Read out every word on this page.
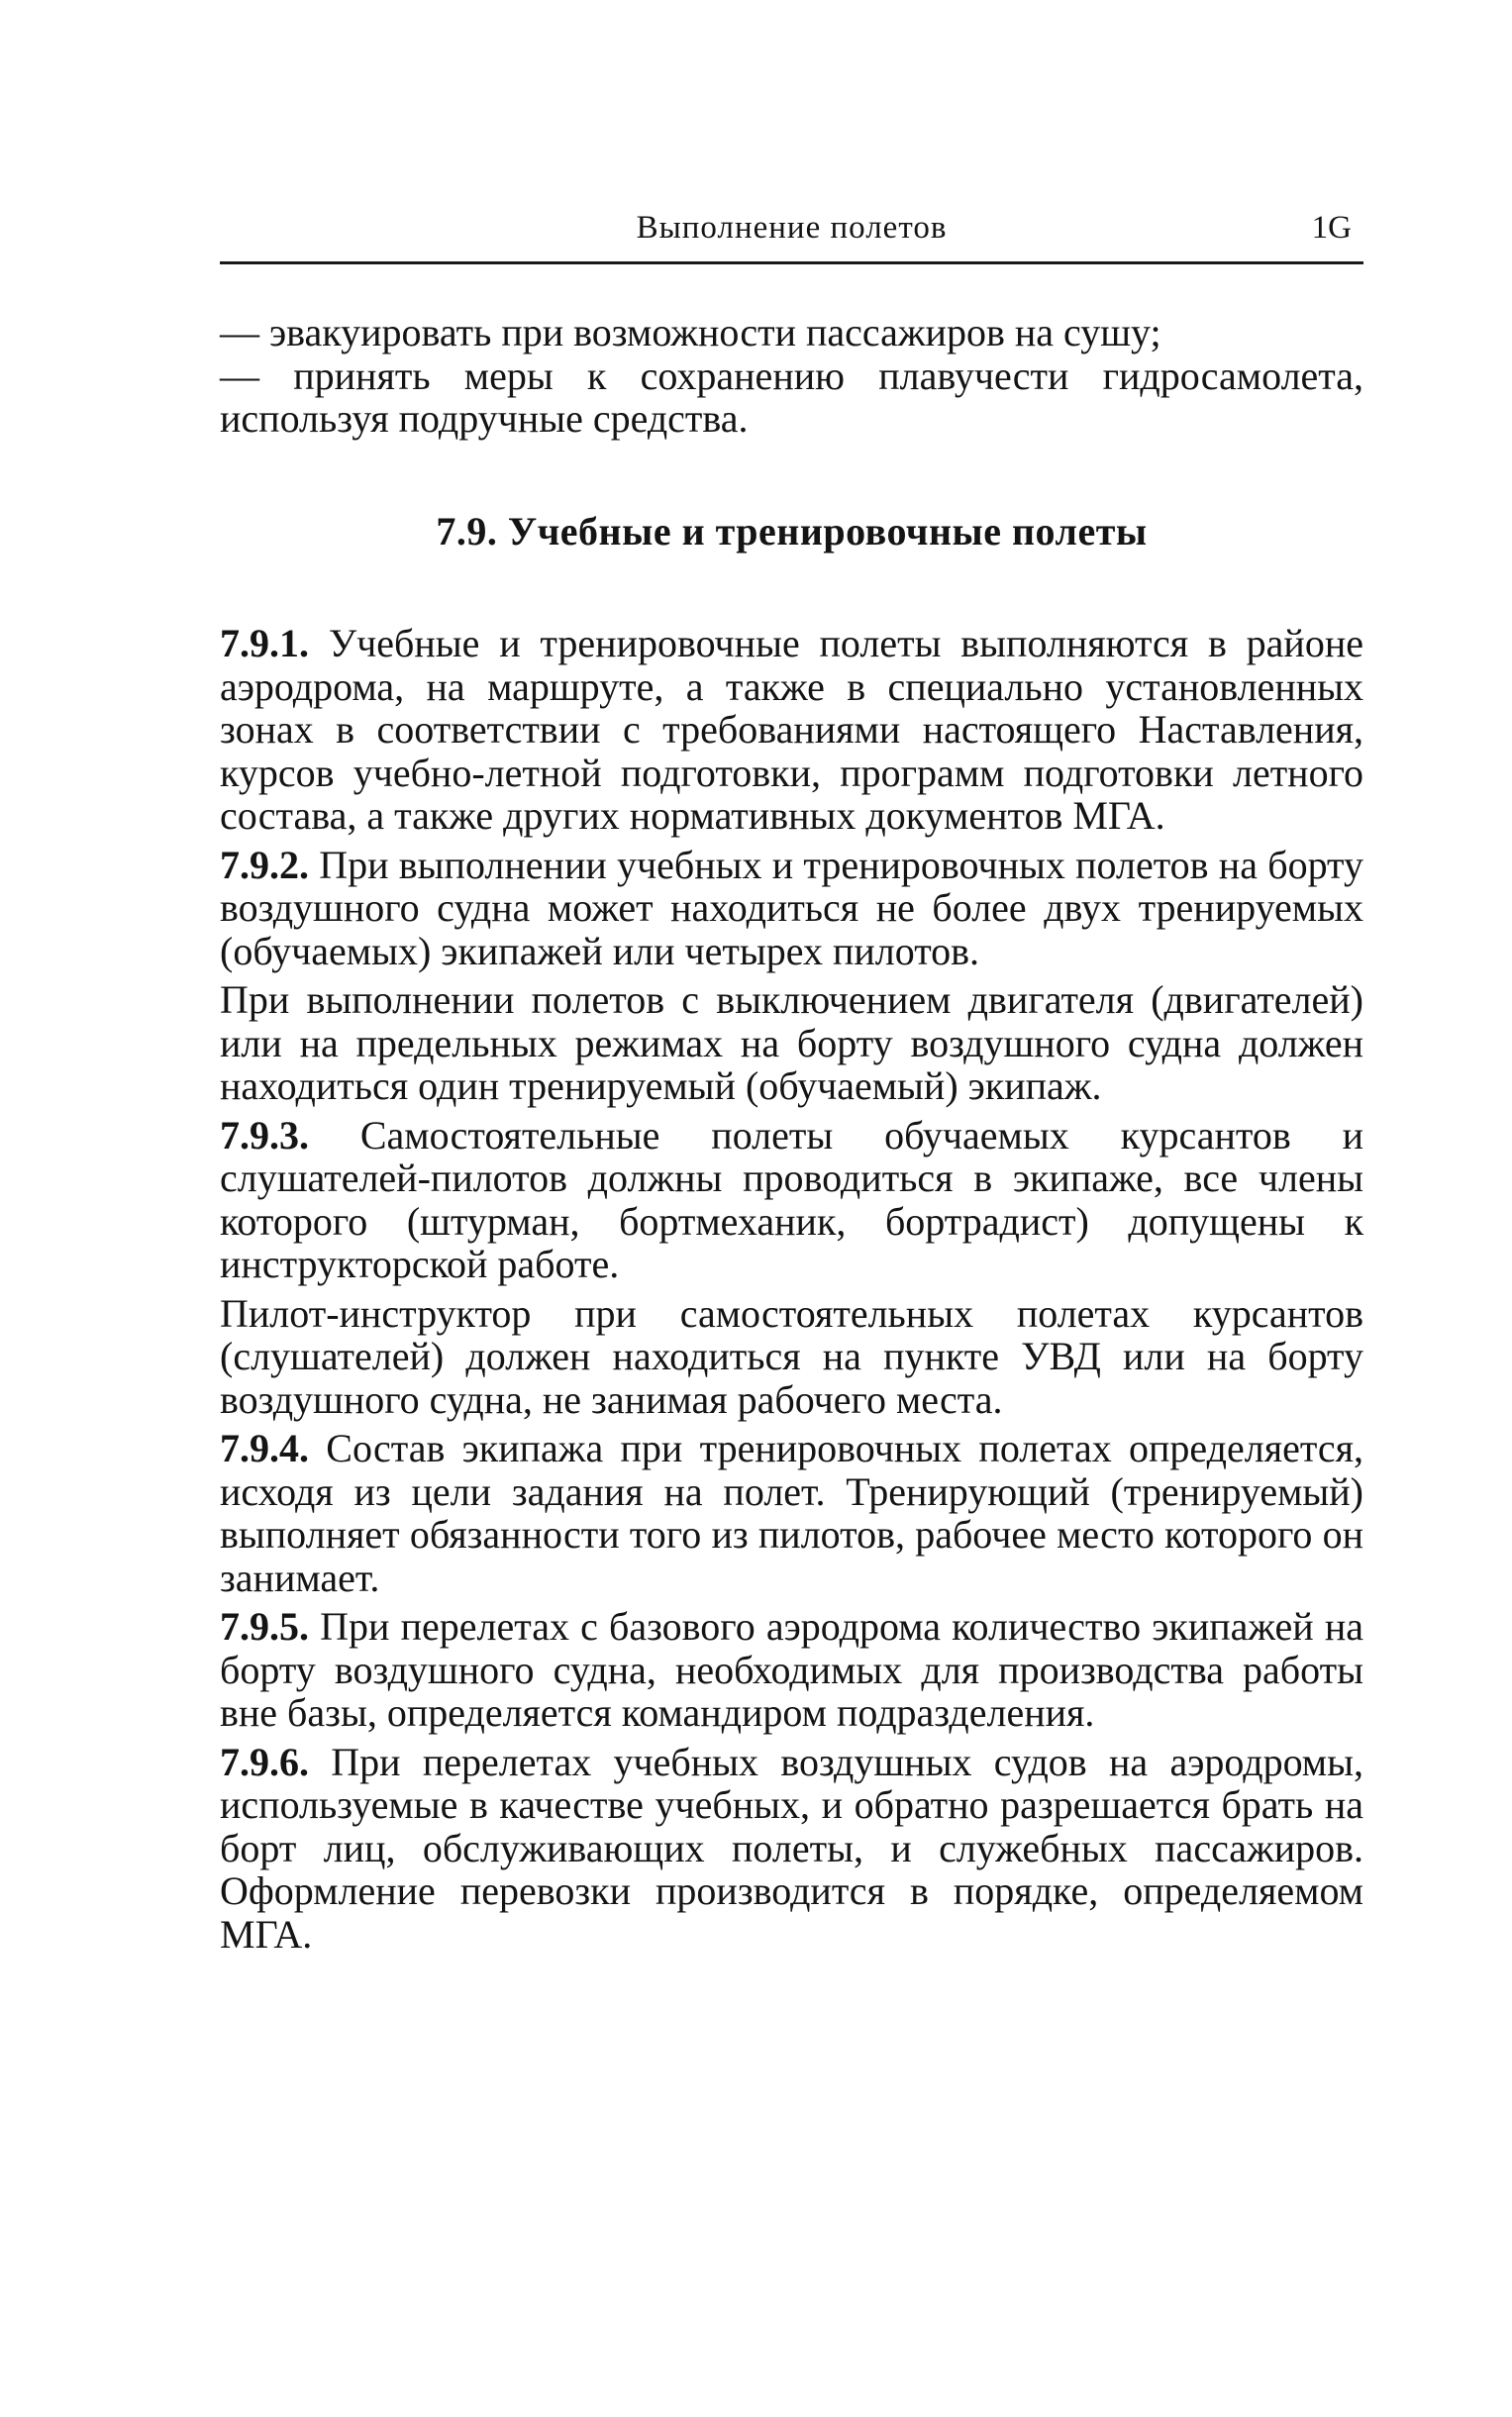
Выполнение полетов	1G

— эвакуировать при возможности пассажиров на сушу;

— принять меры к сохранению плавучести гидросамолета, используя подручные средства.

7.9. Учебные и тренировочные полеты

7.9.1. Учебные и тренировочные полеты выполняются в районе аэродрома, на маршруте, а также в специально установленных зонах в соответствии с требованиями настоящего Наставления, курсов учебно-летной подготовки, программ подготовки летного состава, а также других нормативных документов МГА.

7.9.2. При выполнении учебных и тренировочных полетов на борту воздушного судна может находиться не более двух тренируемых (обучаемых) экипажей или четырех пилотов.

При выполнении полетов с выключением двигателя (двигателей) или на предельных режимах на борту воздушного судна должен находиться один тренируемый (обучаемый) экипаж.

7.9.3. Самостоятельные полеты обучаемых курсантов и слушателей-пилотов должны проводиться в экипаже, все члены которого (штурман, бортмеханик, бортрадист) допущены к инструкторской работе.

Пилот-инструктор при самостоятельных полетах курсантов (слушателей) должен находиться на пункте УВД или на борту воздушного судна, не занимая рабочего места.

7.9.4. Состав экипажа при тренировочных полетах определяется, исходя из цели задания на полет. Тренирующий (тренируемый) выполняет обязанности того из пилотов, рабочее место которого он занимает.

7.9.5. При перелетах с базового аэродрома количество экипажей на борту воздушного судна, необходимых для производства работы вне базы, определяется командиром подразделения.

7.9.6. При перелетах учебных воздушных судов на аэродромы, используемые в качестве учебных, и обратно разрешается брать на борт лиц, обслуживающих полеты, и служебных пассажиров. Оформление перевозки производится в порядке, определяемом МГА.
